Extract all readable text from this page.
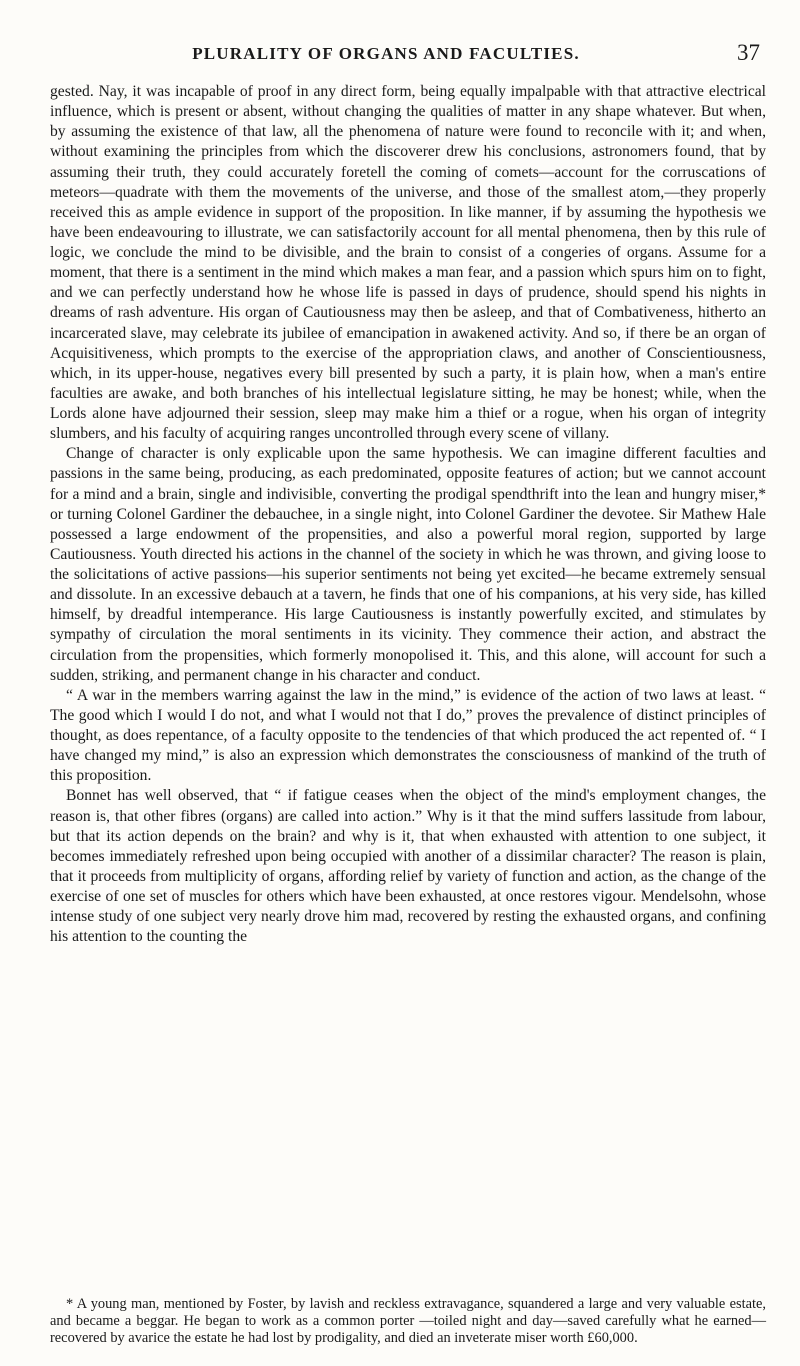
PLURALITY OF ORGANS AND FACULTIES.	37

gested. Nay, it was incapable of proof in any direct form, being equally impalpable with that attractive electrical influence, which is present or absent, without changing the qualities of matter in any shape whatever. But when, by assuming the existence of that law, all the phenomena of nature were found to reconcile with it; and when, without examining the principles from which the discoverer drew his conclusions, astronomers found, that by assuming their truth, they could accurately foretell the coming of comets—account for the corruscations of meteors—quadrate with them the movements of the universe, and those of the smallest atom,—they properly received this as ample evidence in support of the proposition. In like manner, if by assuming the hypothesis we have been endeavouring to illustrate, we can satisfactorily account for all mental phenomena, then by this rule of logic, we conclude the mind to be divisible, and the brain to consist of a congeries of organs. Assume for a moment, that there is a sentiment in the mind which makes a man fear, and a passion which spurs him on to fight, and we can perfectly understand how he whose life is passed in days of prudence, should spend his nights in dreams of rash adventure. His organ of Cautiousness may then be asleep, and that of Combativeness, hitherto an incarcerated slave, may celebrate its jubilee of emancipation in awakened activity. And so, if there be an organ of Acquisitiveness, which prompts to the exercise of the appropriation claws, and another of Conscientiousness, which, in its upper-house, negatives every bill presented by such a party, it is plain how, when a man's entire faculties are awake, and both branches of his intellectual legislature sitting, he may be honest; while, when the Lords alone have adjourned their session, sleep may make him a thief or a rogue, when his organ of integrity slumbers, and his faculty of acquiring ranges uncontrolled through every scene of villany.

Change of character is only explicable upon the same hypothesis. We can imagine different faculties and passions in the same being, producing, as each predominated, opposite features of action; but we cannot account for a mind and a brain, single and indivisible, converting the prodigal spendthrift into the lean and hungry miser,* or turning Colonel Gardiner the debauchee, in a single night, into Colonel Gardiner the devotee. Sir Mathew Hale possessed a large endowment of the propensities, and also a powerful moral region, supported by large Cautiousness. Youth directed his actions in the channel of the society in which he was thrown, and giving loose to the solicitations of active passions—his superior sentiments not being yet excited—he became extremely sensual and dissolute. In an excessive debauch at a tavern, he finds that one of his companions, at his very side, has killed himself, by dreadful intemperance. His large Cautiousness is instantly powerfully excited, and stimulates by sympathy of circulation the moral sentiments in its vicinity. They commence their action, and abstract the circulation from the propensities, which formerly monopolised it. This, and this alone, will account for such a sudden, striking, and permanent change in his character and conduct.

“ A war in the members warring against the law in the mind,” is evidence of the action of two laws at least. “ The good which I would I do not, and what I would not that I do,” proves the prevalence of distinct principles of thought, as does repentance, of a faculty opposite to the tendencies of that which produced the act repented of. “ I have changed my mind,” is also an expression which demonstrates the consciousness of mankind of the truth of this proposition.

Bonnet has well observed, that “ if fatigue ceases when the object of the mind's employment changes, the reason is, that other fibres (organs) are called into action.” Why is it that the mind suffers lassitude from labour, but that its action depends on the brain? and why is it, that when exhausted with attention to one subject, it becomes immediately refreshed upon being occupied with another of a dissimilar character? The reason is plain, that it proceeds from multiplicity of organs, affording relief by variety of function and action, as the change of the exercise of one set of muscles for others which have been exhausted, at once restores vigour. Mendelsohn, whose intense study of one subject very nearly drove him mad, recovered by resting the exhausted organs, and confining his attention to the counting the

* A young man, mentioned by Foster, by lavish and reckless extravagance, squandered a large and very valuable estate, and became a beggar. He began to work as a common porter —toiled night and day—saved carefully what he earned—recovered by avarice the estate he had lost by prodigality, and died an inveterate miser worth £60,000.
